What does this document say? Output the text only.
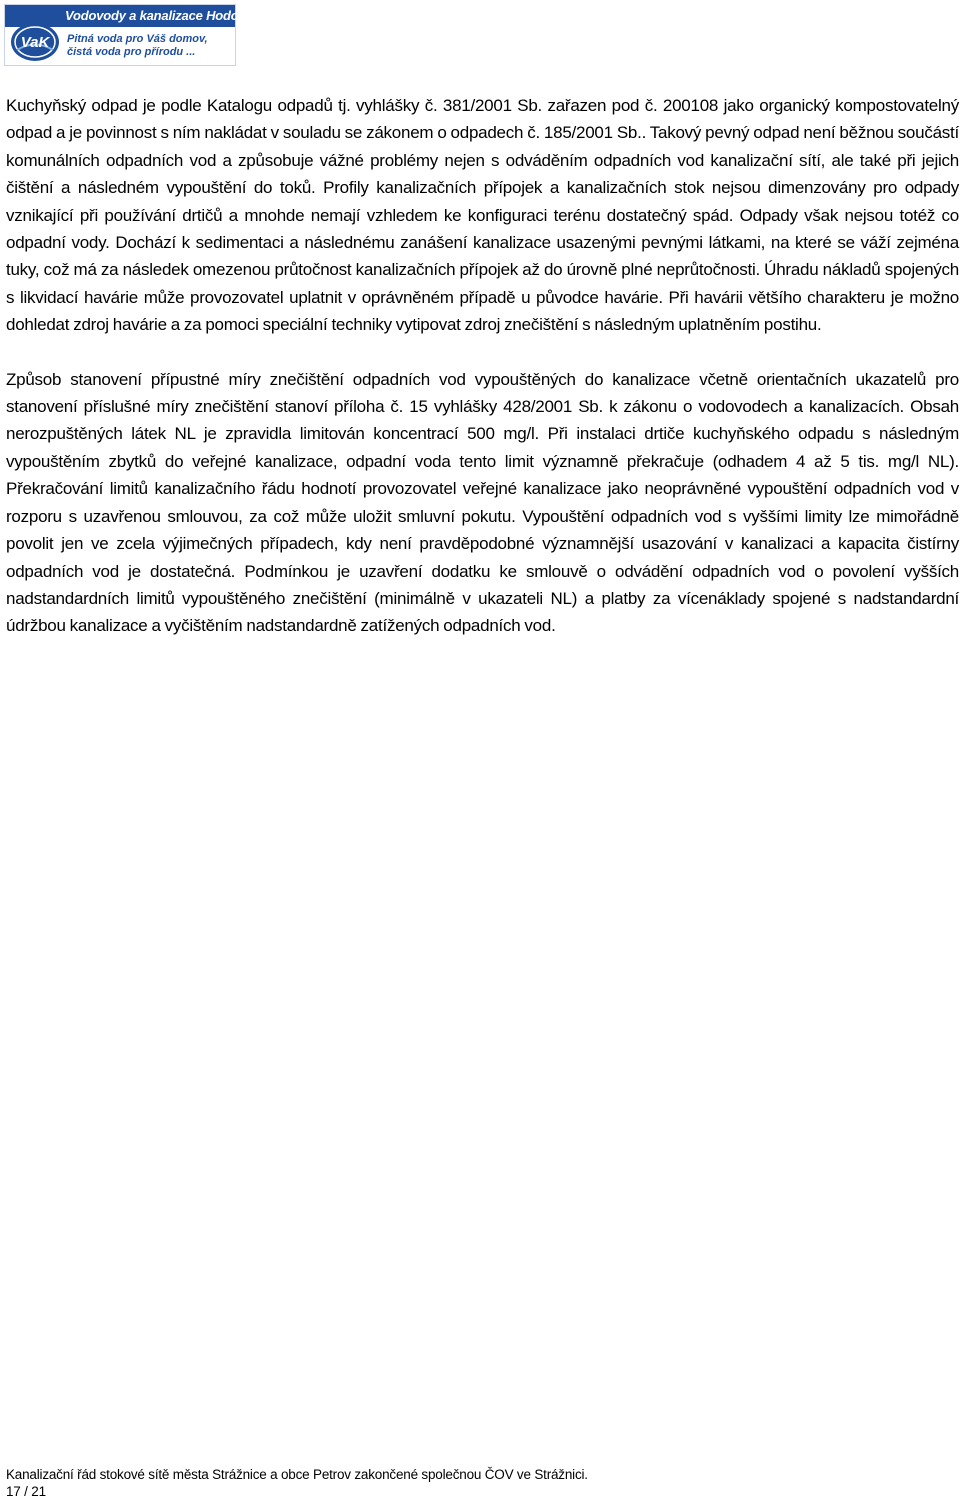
Vodovody a kanalizace Hodonín, a.s.
VaK Pitná voda pro Váš domov,
čistá voda pro přírodu ...

Kuchyňský odpad je podle Katalogu odpadů tj. vyhlášky č. 381/2001 Sb. zařazen pod č. 200108 jako organický kompostovatelný odpad a je povinnost s ním nakládat v souladu se zákonem o odpadech č. 185/2001 Sb.. Takový pevný odpad není běžnou součástí komunálních odpadních vod a způsobuje vážné problémy nejen s odváděním odpadních vod kanalizační sítí, ale také při jejich čištění a následném vypouštění do toků. Profily kanalizačních přípojek a kanalizačních stok nejsou dimenzovány pro odpady vznikající při používání drtičů a mnohde nemají vzhledem ke konfiguraci terénu dostatečný spád. Odpady však nejsou totéž co odpadní vody. Dochází k sedimentaci a následnému zanášení kanalizace usazenými pevnými látkami, na které se váží zejména tuky, což má za následek omezenou průtočnost kanalizačních přípojek až do úrovně plné neprůtočnosti. Úhradu nákladů spojených s likvidací havárie může provozovatel uplatnit v oprávněném případě u původce havárie. Při havárii většího charakteru je možno dohledat zdroj havárie a za pomoci speciální techniky vytipovat zdroj znečištění s následným uplatněním postihu.

Způsob stanovení přípustné míry znečištění odpadních vod vypouštěných do kanalizace včetně orientačních ukazatelů pro stanovení příslušné míry znečištění stanoví příloha č. 15 vyhlášky 428/2001 Sb. k zákonu o vodovodech a kanalizacích. Obsah nerozpuštěných látek NL je zpravidla limitován koncentrací 500 mg/l. Při instalaci drtiče kuchyňského odpadu s následným vypouštěním zbytků do veřejné kanalizace, odpadní voda tento limit významně překračuje (odhadem 4 až 5 tis. mg/l NL). Překračování limitů kanalizačního řádu hodnotí provozovatel veřejné kanalizace jako neoprávněné vypouštění odpadních vod v rozporu s uzavřenou smlouvou, za což může uložit smluvní pokutu. Vypouštění odpadních vod s vyššími limity lze mimořádně povolit jen ve zcela výjimečných případech, kdy není pravděpodobné významnější usazování v kanalizaci a kapacita čistírny odpadních vod je dostatečná. Podmínkou je uzavření dodatku ke smlouvě o odvádění odpadních vod o povolení vyšších nadstandardních limitů vypouštěného znečištění (minimálně v ukazateli NL) a platby za vícenáklady spojené s nadstandardní údržbou kanalizace a vyčištěním nadstandardně zatížených odpadních vod.

Kanalizační řád stokové sítě města Strážnice a obce Petrov zakončené společnou ČOV ve Strážnici.
17 / 21
